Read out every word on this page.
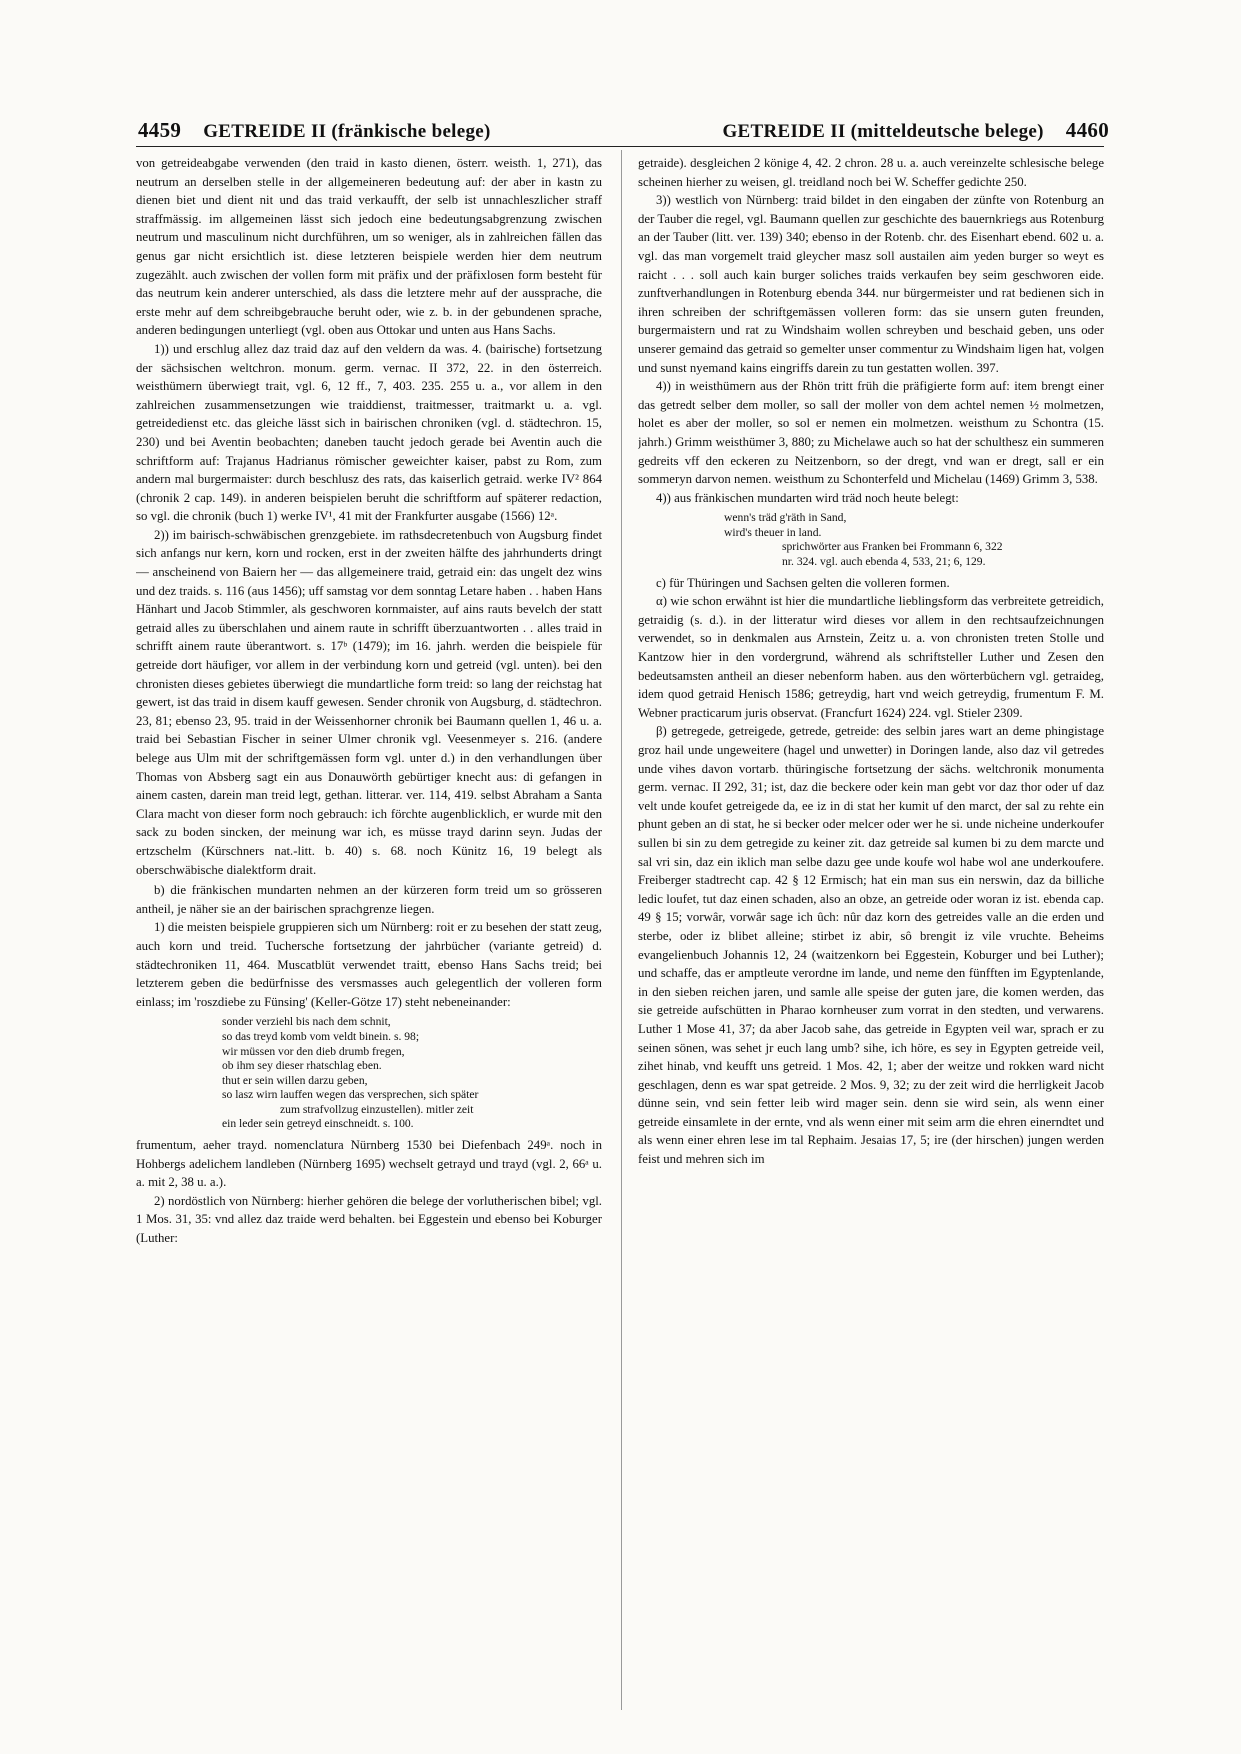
4459 GETREIDE II (fränkische belege)	GETREIDE II (mitteldeutsche belege) 4460

von getreideabgabe verwenden (den traid in kasto dienen, österr. weisth. 1, 271), das neutrum an derselben stelle in der allgemeineren bedeutung auf: der aber in kastn zu dienen biet und dient nit und das traid verkaufft, der selb ist unnachleszlicher straff straffmässig. im allgemeinen lässt sich jedoch eine bedeutungsabgrenzung zwischen neutrum und masculinum nicht durchführen, um so weniger, als in zahlreichen fällen das genus gar nicht ersichtlich ist. diese letzteren beispiele werden hier dem neutrum zugezählt. auch zwischen der vollen form mit präfix und der präfixlosen form besteht für das neutrum kein anderer unterschied, als dass die letztere mehr auf der aussprache, die erste mehr auf dem schreibgebrauche beruht oder, wie z. b. in der gebundenen sprache, anderen bedingungen unterliegt (vgl. oben aus Ottokar und unten aus Hans Sachs.

1)) und erschlug allez daz traid daz auf den veldern da was. 4. (bairische) fortsetzung der sächsischen weltchron. monum. germ. vernac. II 372, 22. in den österreich. weisthümern überwiegt trait, vgl. 6, 12 ff., 7, 403. 235. 255 u. a., vor allem in den zahlreichen zusammensetzungen wie traiddienst, traitmesser, traitmarkt u. a. vgl. getreidedienst etc. das gleiche lässt sich in bairischen chroniken (vgl. d. städtechron. 15, 230) und bei Aventin beobachten; daneben taucht jedoch gerade bei Aventin auch die schriftform auf: Trajanus Hadrianus römischer geweichter kaiser, pabst zu Rom, zum andern mal burgermaister: durch beschlusz des rats, das kaiserlich getraid. werke IV² 864 (chronik 2 cap. 149). in anderen beispielen beruht die schriftform auf späterer redaction, so vgl. die chronik (buch 1) werke IV¹, 41 mit der Frankfurter ausgabe (1566) 12ᵃ.

2)) im bairisch-schwäbischen grenzgebiete. im rathsdecretenbuch von Augsburg findet sich anfangs nur kern, korn und rocken, erst in der zweiten hälfte des jahrhunderts dringt — anscheinend von Baiern her — das allgemeinere traid, getraid ein: das ungelt dez wins und dez traids. s. 116 (aus 1456); uff samstag vor dem sonntag Letare haben . . haben Hans Hänhart und Jacob Stimmler, als geschworen kornmaister, auf ains rauts bevelch der statt getraid alles zu überschlahen und ainem raute in schrifft überzuantworten . . alles traid in schrifft ainem raute überantwort. s. 17ᵇ (1479); im 16. jahrh. werden die beispiele für getreide dort häufiger, vor allem in der verbindung korn und getreid (vgl. unten). bei den chronisten dieses gebietes überwiegt die mundartliche form treid: so lang der reichstag hat gewert, ist das traid in disem kauff gewesen. Sender chronik von Augsburg, d. städtechron. 23, 81; ebenso 23, 95. traid in der Weissenhorner chronik bei Baumann quellen 1, 46 u. a. traid bei Sebastian Fischer in seiner Ulmer chronik vgl. Veesenmeyer s. 216. (andere belege aus Ulm mit der schriftgemässen form vgl. unter d.) in den verhandlungen über Thomas von Absberg sagt ein aus Donauwörth gebürtiger knecht aus: di gefangen in ainem casten, darein man treid legt, gethan. litterar. ver. 114, 419. selbst Abraham a Santa Clara macht von dieser form noch gebrauch: ich förchte augenblicklich, er wurde mit den sack zu boden sincken, der meinung war ich, es müsse trayd darinn seyn. Judas der ertzschelm (Kürschners nat.-litt. b. 40) s. 68. noch Künitz 16, 19 belegt als oberschwäbische dialektform drait.

b) die fränkischen mundarten nehmen an der kürzeren form treid um so grösseren antheil, je näher sie an der bairischen sprachgrenze liegen.

1) die meisten beispiele gruppieren sich um Nürnberg: roit er zu besehen der statt zeug, auch korn und treid. Tuchersche fortsetzung der jahrbücher (variante getreid) d. städtechroniken 11, 464. Muscatblüt verwendet traitt, ebenso Hans Sachs treid; bei letzterem geben die bedürfnisse des versmasses auch gelegentlich der volleren form einlass; im 'roszdiebe zu Fünsing' (Keller-Götze 17) steht nebeneinander:

sonder verziehl bis nach dem schnit,
so das treyd komb vom veldt binein. s. 98;
wir müssen vor den dieb drumb fregen,
ob ihm sey dieser rhatschlag eben.
thut er sein willen darzu geben,
so lasz wirn lauffen wegen das versprechen, sich später
zum strafvollzug einzustellen). mitler zeit
ein leder sein getreyd einschneidt. s. 100.

frumentum, aeher trayd. nomenclatura Nürnberg 1530 bei Diefenbach 249ᵃ. noch in Hohbergs adelichem landleben (Nürnberg 1695) wechselt getrayd und trayd (vgl. 2, 66ᵃ u. a. mit 2, 38 u. a.).

2) nordöstlich von Nürnberg: hierher gehören die belege der vorlutherischen bibel; vgl. 1 Mos. 31, 35: vnd allez daz traide werd behalten. bei Eggestein und ebenso bei Koburger (Luther:

getraide). desgleichen 2 könige 4, 42. 2 chron. 28 u. a. auch vereinzelte schlesische belege scheinen hierher zu weisen, gl. treidland noch bei W. Scheffer gedichte 250.

3)) westlich von Nürnberg: traid bildet in den eingaben der zünfte von Rotenburg an der Tauber die regel, vgl. Baumann quellen zur geschichte des bauernkriegs aus Rotenburg an der Tauber (litt. ver. 139) 340; ebenso in der Rotenb. chr. des Eisenhart ebend. 602 u. a. vgl. das man vorgemelt traid gleycher masz soll austailen aim yeden burger so weyt es raicht . . . soll auch kain burger soliches traids verkaufen bey seim geschworen eide. zunftverhandlungen in Rotenburg ebenda 344. nur bürgermeister und rat bedienen sich in ihren schreiben der schriftgemässen volleren form: das sie unsern guten freunden, burgermaistern und rat zu Windshaim wollen schreyben und beschaid geben, uns oder unserer gemaind das getraid so gemelter unser commentur zu Windshaim ligen hat, volgen und sunst nyemand kains eingriffs darein zu tun gestatten wollen. 397.

4)) in weisthümern aus der Rhön tritt früh die präfigierte form auf: item brengt einer das getredt selber dem moller, so sall der moller von dem achtel nemen ½ molmetzen, holet es aber der moller, so sol er nemen ein molmetzen. weisthum zu Schontra (15. jahrh.) Grimm weisthümer 3, 880; zu Michelawe auch so hat der schulthesz ein summeren gedreits vff den eckeren zu Neitzenborn, so der dregt, vnd wan er dregt, sall er ein sommeryn darvon nemen. weisthum zu Schonterfeld und Michelau (1469) Grimm 3, 538.

4)) aus fränkischen mundarten wird träd noch heute belegt:

wenn's träd g'räth in Sand,
wird's theuer in land.
sprichwörter aus Franken bei Frommann 6, 322
nr. 324. vgl. auch ebenda 4, 533, 21; 6, 129.

c) für Thüringen und Sachsen gelten die volleren formen.

α) wie schon erwähnt ist hier die mundartliche lieblingsform das verbreitete getreidich, getraidig (s. d.). in der litteratur wird dieses vor allem in den rechtsaufzeichnungen verwendet, so in denkmalen aus Arnstein, Zeitz u. a. von chronisten treten Stolle und Kantzow hier in den vordergrund, während als schriftsteller Luther und Zesen den bedeutsamsten antheil an dieser nebenform haben. aus den wörterbüchern vgl. getraideg, idem quod getraid Henisch 1586; getreydig, hart vnd weich getreydig, frumentum F. M. Webner practicarum juris observat. (Francfurt 1624) 224. vgl. Stieler 2309.

β) getregede, getreigede, getrede, getreide: des selbin jares wart an deme phingistage groz hail unde ungeweitere (hagel und unwetter) in Doringen lande, also daz vil getredes unde vihes davon vortarb. thüringische fortsetzung der sächs. weltchronik monumenta germ. vernac. II 292, 31; ist, daz die beckere oder kein man gebt vor daz thor oder uf daz velt unde koufet getreigede da, ee iz in di stat her kumit uf den marct, der sal zu rehte ein phunt geben an di stat, he si becker oder melcer oder wer he si. unde nicheine underkoufer sullen bi sin zu dem getregide zu keiner zit. daz getreide sal kumen bi zu dem marcte und sal vri sin, daz ein iklich man selbe dazu gee unde koufe wol habe wol ane underkoufere. Freiberger stadtrecht cap. 42 § 12 Ermisch; hat ein man sus ein nerswin, daz da billiche ledic loufet, tut daz einen schaden, also an obze, an getreide oder woran iz ist. ebenda cap. 49 § 15; vorwâr, vorwâr sage ich ûch: nûr daz korn des getreides valle an die erden und sterbe, oder iz blibet alleine; stirbet iz abir, sô brengit iz vile vruchte. Beheims evangelienbuch Johannis 12, 24 (waitzenkorn bei Eggestein, Koburger und bei Luther); und schaffe, das er amptleute verordne im lande, und neme den fünfften im Egyptenlande, in den sieben reichen jaren, und samle alle speise der guten jare, die komen werden, das sie getreide aufschütten in Pharao kornheuser zum vorrat in den stedten, und verwarens. Luther 1 Mose 41, 37; da aber Jacob sahe, das getreide in Egypten veil war, sprach er zu seinen sönen, was sehet jr euch lang umb? sihe, ich höre, es sey in Egypten getreide veil, zihet hinab, vnd keufft uns getreid. 1 Mos. 42, 1; aber der weitze und rokken ward nicht geschlagen, denn es war spat getreide. 2 Mos. 9, 32; zu der zeit wird die herrligkeit Jacob dünne sein, vnd sein fetter leib wird mager sein. denn sie wird sein, als wenn einer getreide einsamlete in der ernte, vnd als wenn einer mit seim arm die ehren einerndtet und als wenn einer ehren lese im tal Rephaim. Jesaias 17, 5; ire (der hirschen) jungen werden feist und mehren sich im
